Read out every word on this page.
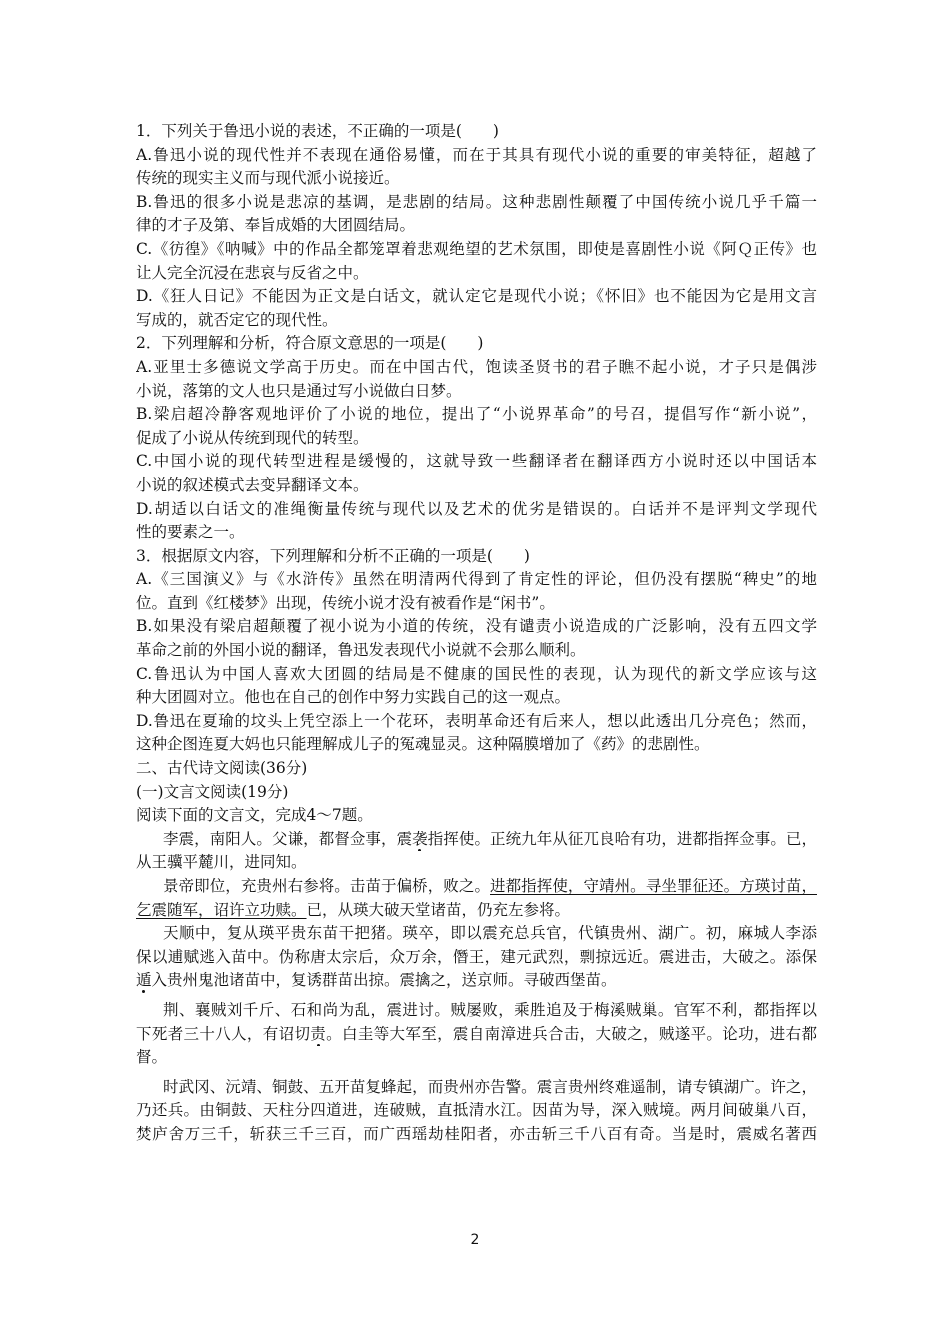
1．下列关于鲁迅小说的表述，不正确的一项是(　　)
A.鲁迅小说的现代性并不表现在通俗易懂，而在于其具有现代小说的重要的审美特征，超越了
传统的现实主义而与现代派小说接近。
B.鲁迅的很多小说是悲凉的基调，是悲剧的结局。这种悲剧性颠覆了中国传统小说几乎千篇一
律的才子及第、奉旨成婚的大团圆结局。
C.《彷徨》《呐喊》中的作品全都笼罩着悲观绝望的艺术氛围，即使是喜剧性小说《阿Ｑ正传》也
让人完全沉浸在悲哀与反省之中。
D.《狂人日记》不能因为正文是白话文，就认定它是现代小说；《怀旧》也不能因为它是用文言
写成的，就否定它的现代性。
2．下列理解和分析，符合原文意思的一项是(　　)
A.亚里士多德说文学高于历史。而在中国古代，饱读圣贤书的君子瞧不起小说，才子只是偶涉
小说，落第的文人也只是通过写小说做白日梦。
B.梁启超冷静客观地评价了小说的地位，提出了“小说界革命”的号召，提倡写作“新小说”，
促成了小说从传统到现代的转型。
C.中国小说的现代转型进程是缓慢的，这就导致一些翻译者在翻译西方小说时还以中国话本
小说的叙述模式去变异翻译文本。
D.胡适以白话文的准绳衡量传统与现代以及艺术的优劣是错误的。白话并不是评判文学现代
性的要素之一。
3．根据原文内容，下列理解和分析不正确的一项是(　　)
A.《三国演义》与《水浒传》虽然在明清两代得到了肯定性的评论，但仍没有摆脱“稗史”的地
位。直到《红楼梦》出现，传统小说才没有被看作是“闲书”。
B.如果没有梁启超颠覆了视小说为小道的传统，没有谴责小说造成的广泛影响，没有五四文学
革命之前的外国小说的翻译，鲁迅发表现代小说就不会那么顺利。
C.鲁迅认为中国人喜欢大团圆的结局是不健康的国民性的表现，认为现代的新文学应该与这
种大团圆对立。他也在自己的创作中努力实践自己的这一观点。
D.鲁迅在夏瑜的坟头上凭空添上一个花环，表明革命还有后来人，想以此透出几分亮色；然而，
这种企图连夏大妈也只能理解成儿子的冤魂显灵。这种隔膜增加了《药》的悲剧性。
二、古代诗文阅读(36分)
(一)文言文阅读(19分)
阅读下面的文言文，完成4～7题。
李震，南阳人。父谦，都督佥事，震袭指挥使。正统九年从征兀良哈有功，进都指挥佥事。已，
从王骥平麓川，进同知。
景帝即位，充贵州右参将。击苗于偏桥，败之。进都指挥使，守靖州。寻坐罪征还。方瑛讨苗，
乞震随军，诏许立功赎。已，从瑛大破天堂诸苗，仍充左参将。
天顺中，复从瑛平贵东苗干把猪。瑛卒，即以震充总兵官，代镇贵州、湖广。初，麻城人李添
保以逋赋逃入苗中。伪称唐太宗后，众万余，僭王，建元武烈，剽掠远近。震进击，大破之。添保
遁入贵州鬼池诸苗中，复诱群苗出掠。震擒之，送京师。寻破西堡苗。
荆、襄贼刘千斤、石和尚为乱，震进讨。贼屡败，乘胜追及于梅溪贼巢。官军不利，都指挥以
下死者三十八人，有诏切责。白圭等大军至，震自南漳进兵合击，大破之，贼遂平。论功，进右都
督。
时武冈、沅靖、铜鼓、五开苗复蜂起，而贵州亦告警。震言贵州终难遥制，请专镇湖广。许之，
乃还兵。由铜鼓、天柱分四道进，连破贼，直抵清水江。因苗为导，深入贼境。两月间破巢八百，
焚庐舍万三千，斩获三千三百，而广西瑶劫桂阳者，亦击斩三千八百有奇。当是时，震威名著西
2
